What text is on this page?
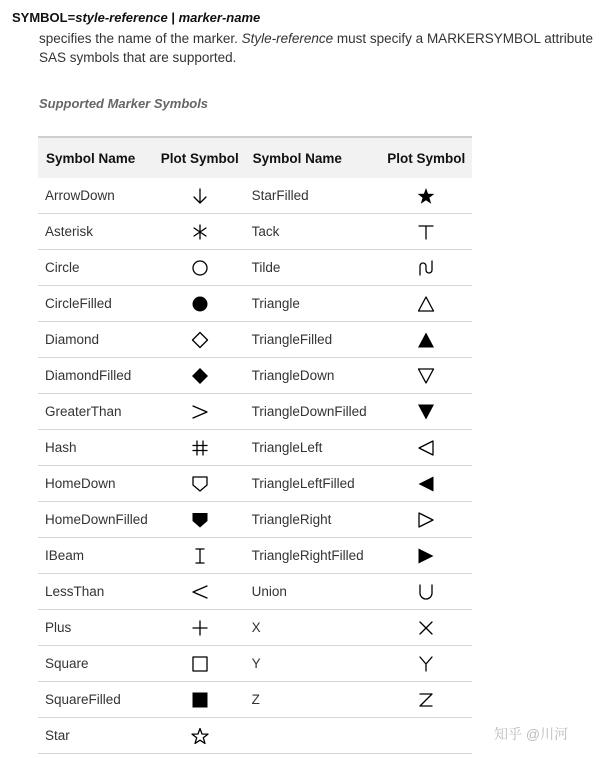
SYMBOL=style-reference | marker-name
specifies the name of the marker. Style-reference must specify a MARKERSYMBOL attribute
SAS symbols that are supported.
Supported Marker Symbols
Symbol Name	Plot Symbol	Symbol Name	Plot Symbol
ArrowDown		StarFilled	
Asterisk		Tack	
Circle		Tilde	
CircleFilled		Triangle	
Diamond		TriangleFilled	
DiamondFilled		TriangleDown	
GreaterThan		TriangleDownFilled	
Hash		TriangleLeft	
HomeDown		TriangleLeftFilled	
HomeDownFilled		TriangleRight	
IBeam		TriangleRightFilled	
LessThan		Union	
Plus		X	
Square		Y	
SquareFilled		Z	
Star				知乎 @川河
